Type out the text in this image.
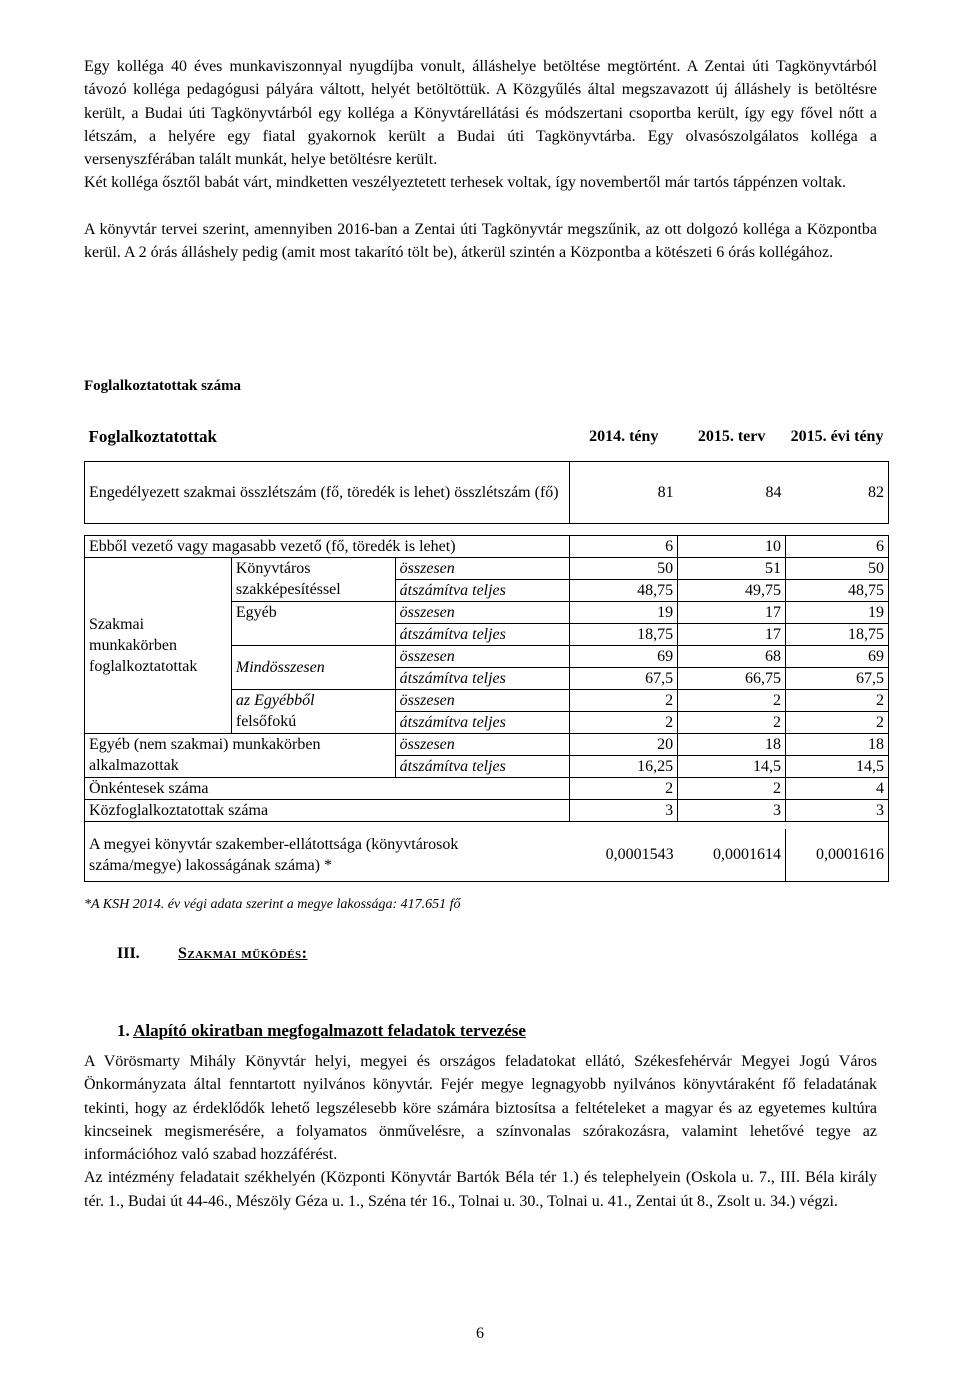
Egy kolléga 40 éves munkaviszonnyal nyugdíjba vonult, álláshelye betöltése megtörtént. A Zentai úti Tagkönyvtárból távozó kolléga pedagógusi pályára váltott, helyét betöltöttük. A Közgyűlés által megszavazott új álláshely is betöltésre került, a Budai úti Tagkönyvtárból egy kolléga a Könyvtárellátási és módszertani csoportba került, így egy fővel nőtt a létszám, a helyére egy fiatal gyakornok került a Budai úti Tagkönyvtárba. Egy olvasószolgálatos kolléga a versenyszférában talált munkát, helye betöltésre került.

Két kolléga ősztől babát várt, mindketten veszélyeztetett terhesek voltak, így novembertől már tartós táppénzen voltak.

A könyvtár tervei szerint, amennyiben 2016-ban a Zentai úti Tagkönyvtár megszűnik, az ott dolgozó kolléga a Központba kerül. A 2 órás álláshely pedig (amit most takarító tölt be), átkerül szintén a Központba a kötészeti 6 órás kollégához.

Foglalkoztatottak száma
Foglalkoztatottak			2014. tény	2015. terv	2015. évi tény
Engedélyezett szakmai összlétszám (fő, töredék is lehet) összlétszám (fő)			81	84	82

Ebből vezető vagy magasabb vezető (fő, töredék is lehet)			6	10	6
Szakmai munkakörben foglalkoztatottak	Könyvtáros	összesen	50	51	50
	szakképesítéssel	átszámítva teljes	48,75	49,75	48,75
	Egyéb	összesen	19	17	19
		átszámítva teljes	18,75	17	18,75
	Mindösszesen	összesen	69	68	69
		átszámítva teljes	67,5	66,75	67,5
	az Egyébből	összesen	2	2	2
	felsőfokú	átszámítva teljes	2	2	2
Egyéb (nem szakmai) munkakörben alkalmazottak		összesen	20	18	18
		átszámítva teljes	16,25	14,5	14,5
Önkéntesek száma			2	2	4
Közfoglalkoztatottak száma			3	3	3

A megyei könyvtár szakember-ellátottsága (könyvtárosok száma/megye) lakosságának száma) *			0,0001543	0,0001614	0,0001616
*A KSH 2014. év végi adata szerint a megye lakossága: 417.651 fő
III. Szakmai működés:
1. Alapító okiratban megfogalmazott feladatok tervezése

A Vörösmarty Mihály Könyvtár helyi, megyei és országos feladatokat ellátó, Székesfehérvár Megyei Jogú Város Önkormányzata által fenntartott nyilvános könyvtár. Fejér megye legnagyobb nyilvános könyvtáraként fő feladatának tekinti, hogy az érdeklődők lehető legszélesebb köre számára biztosítsa a feltételeket a magyar és az egyetemes kultúra kincseinek megismerésére, a folyamatos önművelésre, a színvonalas szórakozásra, valamint lehetővé tegye az információhoz való szabad hozzáférést.

Az intézmény feladatait székhelyén (Központi Könyvtár Bartók Béla tér 1.) és telephelyein (Oskola u. 7., III. Béla király tér. 1., Budai út 44-46., Mészöly Géza u. 1., Széna tér 16., Tolnai u. 30., Tolnai u. 41., Zentai út 8., Zsolt u. 34.) végzi.

6
